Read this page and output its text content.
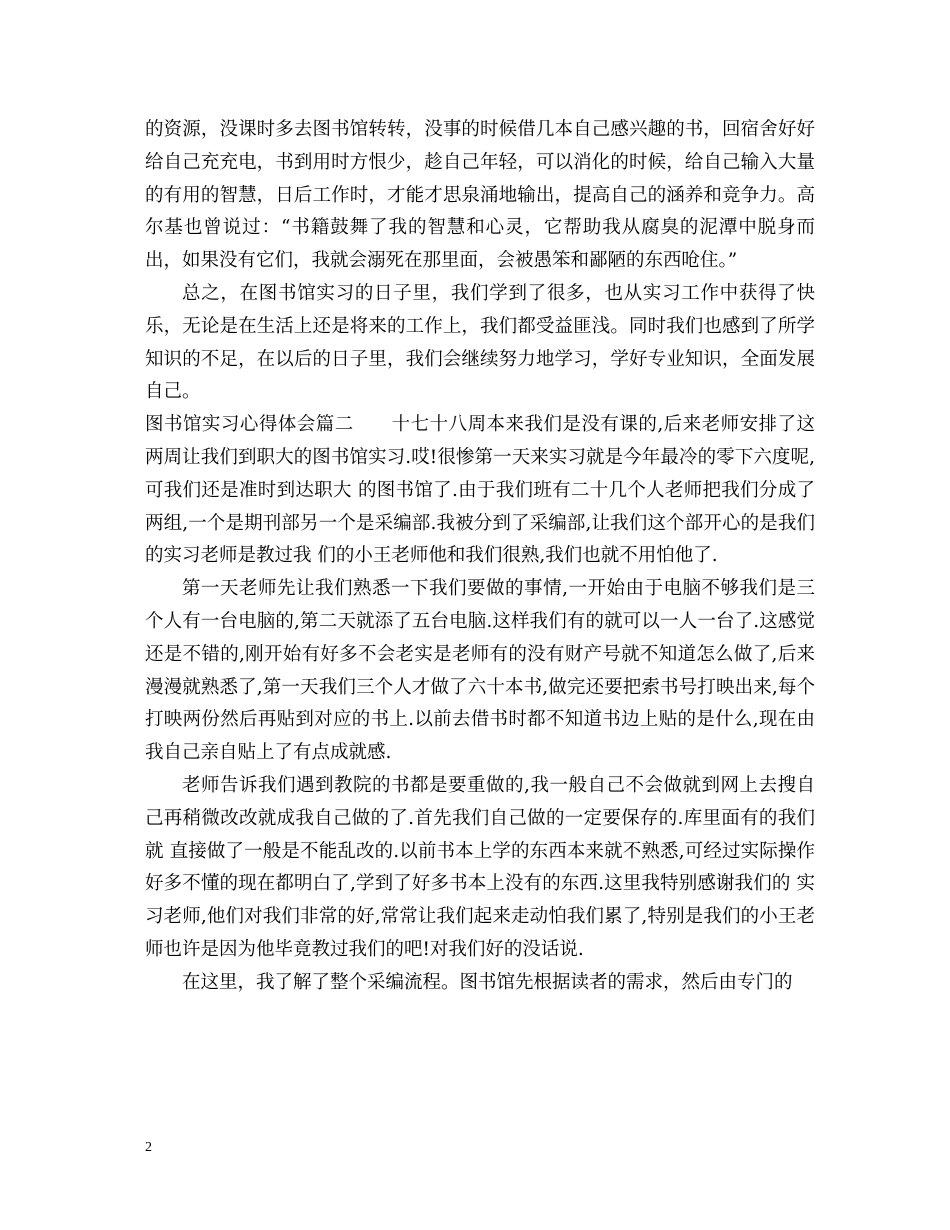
的资源，没课时多去图书馆转转，没事的时候借几本自己感兴趣的书，回宿舍好好给自己充充电，书到用时方恨少，趁自己年轻，可以消化的时候，给自己输入大量的有用的智慧，日后工作时，才能才思泉涌地输出，提高自己的涵养和竞争力。高尔基也曾说过：“书籍鼓舞了我的智慧和心灵，它帮助我从腐臭的泥潭中脱身而出，如果没有它们，我就会溺死在那里面，会被愚笨和鄙陋的东西呛住。”

总之，在图书馆实习的日子里，我们学到了很多，也从实习工作中获得了快乐，无论是在生活上还是将来的工作上，我们都受益匪浅。同时我们也感到了所学知识的不足，在以后的日子里，我们会继续努力地学习，学好专业知识，全面发展自己。

图书馆实习心得体会篇二　　十七十八周本来我们是没有课的,后来老师安排了这两周让我们到职大的图书馆实习.哎!很惨第一天来实习就是今年最冷的零下六度呢,可我们还是准时到达职大 的图书馆了.由于我们班有二十几个人老师把我们分成了两组,一个是期刊部另一个是采编部.我被分到了采编部,让我们这个部开心的是我们的实习老师是教过我 们的小王老师他和我们很熟,我们也就不用怕他了.

第一天老师先让我们熟悉一下我们要做的事情,一开始由于电脑不够我们是三个人有一台电脑的,第二天就添了五台电脑.这样我们有的就可以一人一台了.这感觉 还是不错的,刚开始有好多不会老实是老师有的没有财产号就不知道怎么做了,后来漫漫就熟悉了,第一天我们三个人才做了六十本书,做完还要把索书号打映出来,每个打映两份然后再贴到对应的书上.以前去借书时都不知道书边上贴的是什么,现在由我自己亲自贴上了有点成就感.

老师告诉我们遇到教院的书都是要重做的,我一般自己不会做就到网上去搜自己再稍微改改就成我自己做的了.首先我们自己做的一定要保存的.库里面有的我们就 直接做了一般是不能乱改的.以前书本上学的东西本来就不熟悉,可经过实际操作好多不懂的现在都明白了,学到了好多书本上没有的东西.这里我特别感谢我们的 实习老师,他们对我们非常的好,常常让我们起来走动怕我们累了,特别是我们的小王老师也许是因为他毕竟教过我们的吧!对我们好的没话说.

在这里，我了解了整个采编流程。图书馆先根据读者的需求，然后由专门的

2
